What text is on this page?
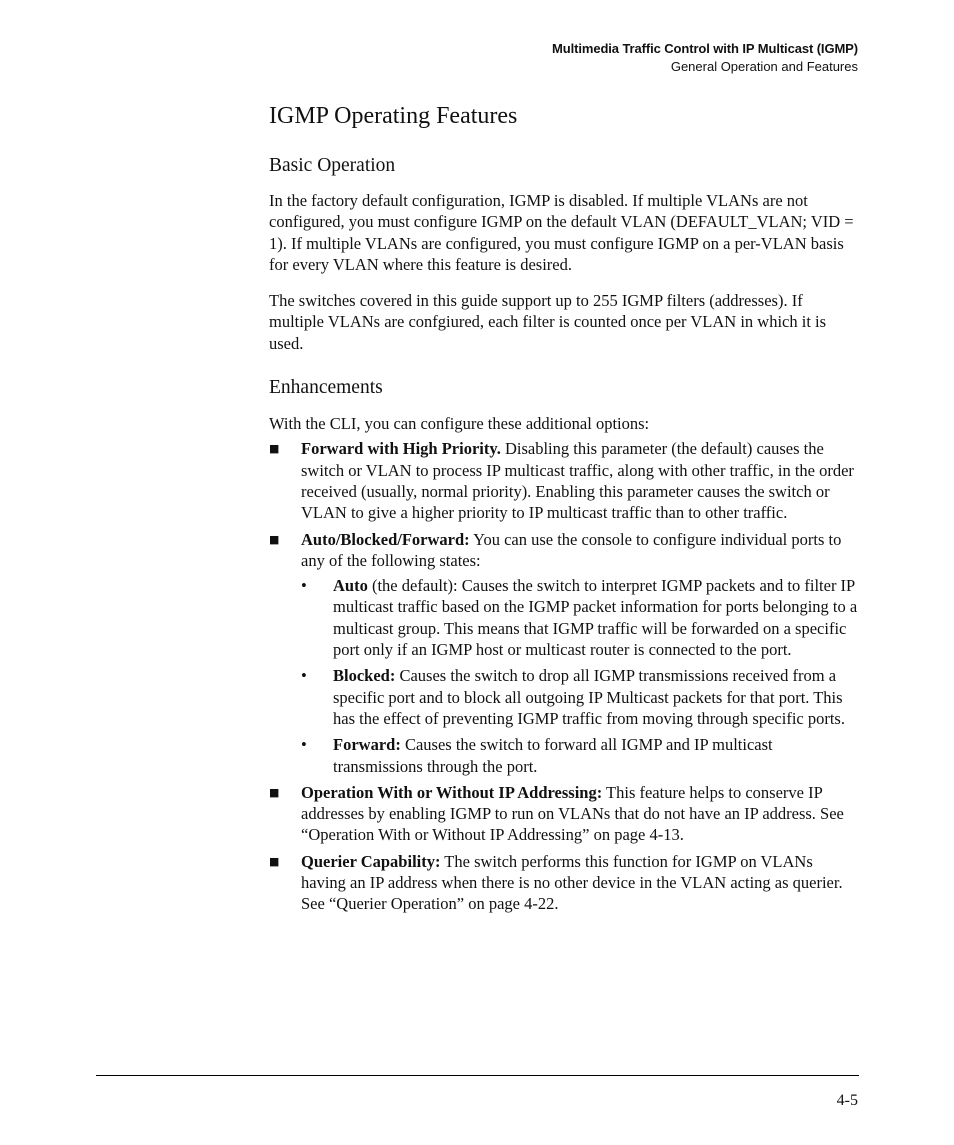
Multimedia Traffic Control with IP Multicast (IGMP)
General Operation and Features
IGMP Operating Features
Basic Operation

In the factory default configuration, IGMP is disabled. If multiple VLANs are not configured, you must configure IGMP on the default VLAN (DEFAULT_VLAN; VID = 1). If multiple VLANs are configured, you must configure IGMP on a per-VLAN basis for every VLAN where this feature is desired.

The switches covered in this guide support up to 255 IGMP filters (addresses). If multiple VLANs are confgiured, each filter is counted once per VLAN in which it is used.

Enhancements

With the CLI, you can configure these additional options:

■ Forward with High Priority. Disabling this parameter (the default) causes the switch or VLAN to process IP multicast traffic, along with other traffic, in the order received (usually, normal priority). Enabling this parameter causes the switch or VLAN to give a higher priority to IP multicast traffic than to other traffic.
■ Auto/Blocked/Forward: You can use the console to configure individual ports to any of the following states:
• Auto (the default): Causes the switch to interpret IGMP packets and to filter IP multicast traffic based on the IGMP packet information for ports belonging to a multicast group. This means that IGMP traffic will be forwarded on a specific port only if an IGMP host or multicast router is connected to the port.
• Blocked: Causes the switch to drop all IGMP transmissions received from a specific port and to block all outgoing IP Multicast packets for that port. This has the effect of preventing IGMP traffic from moving through specific ports.
• Forward: Causes the switch to forward all IGMP and IP multicast transmissions through the port.
■ Operation With or Without IP Addressing: This feature helps to conserve IP addresses by enabling IGMP to run on VLANs that do not have an IP address. See “Operation With or Without IP Addressing” on page 4-13.
■ Querier Capability: The switch performs this function for IGMP on VLANs having an IP address when there is no other device in the VLAN acting as querier. See “Querier Operation” on page 4-22.
4-5
